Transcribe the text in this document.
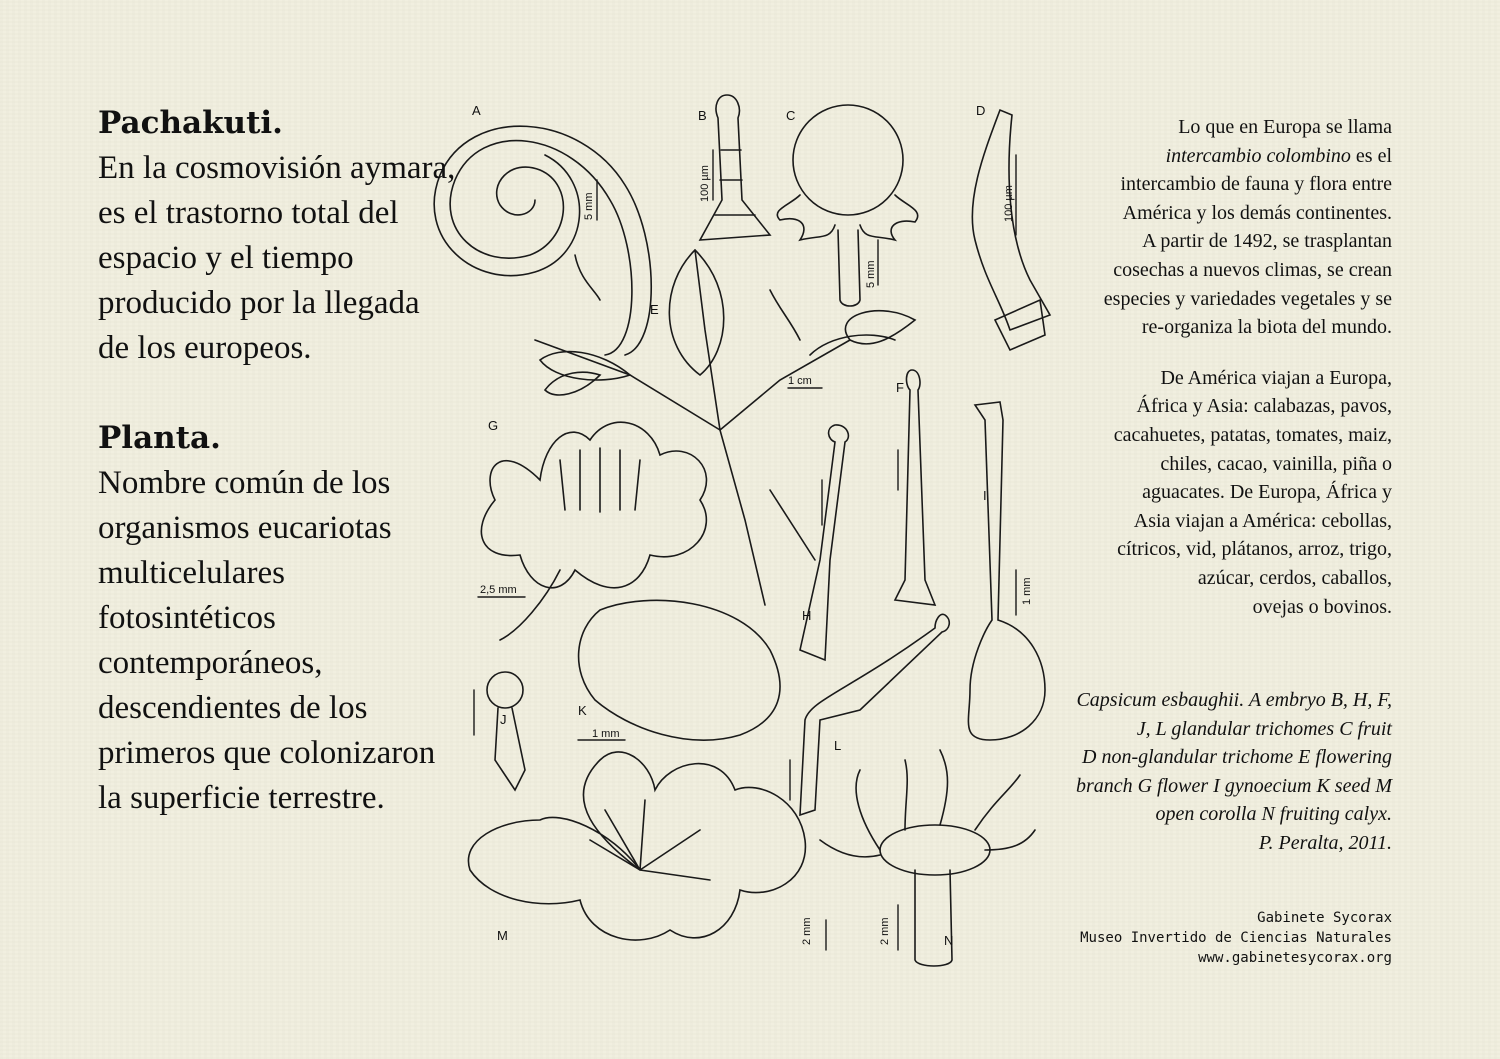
A	B	C	D
E
F
G
H
I
J
K
L
M	N
5 mm
100 µm
5 mm
100 µm
1 cm
2,5 mm	1 mm
1 mm
2 mm	2 mm

Pachakuti.

En la cosmovisión aymara,
es el trastorno total del
espacio y el tiempo
producido por la llegada
de los europeos.

Planta.

Nombre común de los
organismos eucariotas
multicelulares
fotosintéticos
contemporáneos,
descendientes de los
primeros que colonizaron
la superficie terrestre.

Lo que en Europa se llama
intercambio colombino es el
intercambio de fauna y flora entre
América y los demás continentes.
A partir de 1492, se trasplantan
cosechas a nuevos climas, se crean
especies y variedades vegetales y se
re-organiza la biota del mundo.

De América viajan a Europa,
África y Asia: calabazas, pavos,
cacahuetes, patatas, tomates, maiz,
chiles, cacao, vainilla, piña o
aguacates. De Europa, África y
Asia viajan a América: cebollas,
cítricos, vid, plátanos, arroz, trigo,
azúcar, cerdos, caballos,
ovejas o bovinos.

Capsicum esbaughii. A embryo B, H, F,
J, L glandular trichomes C fruit
D non-glandular trichome E flowering
branch G flower I gynoecium K seed M
open corolla N fruiting calyx.
P. Peralta, 2011.
Gabinete Sycorax
Museo Invertido de Ciencias Naturales
www.gabinetesycorax.org
